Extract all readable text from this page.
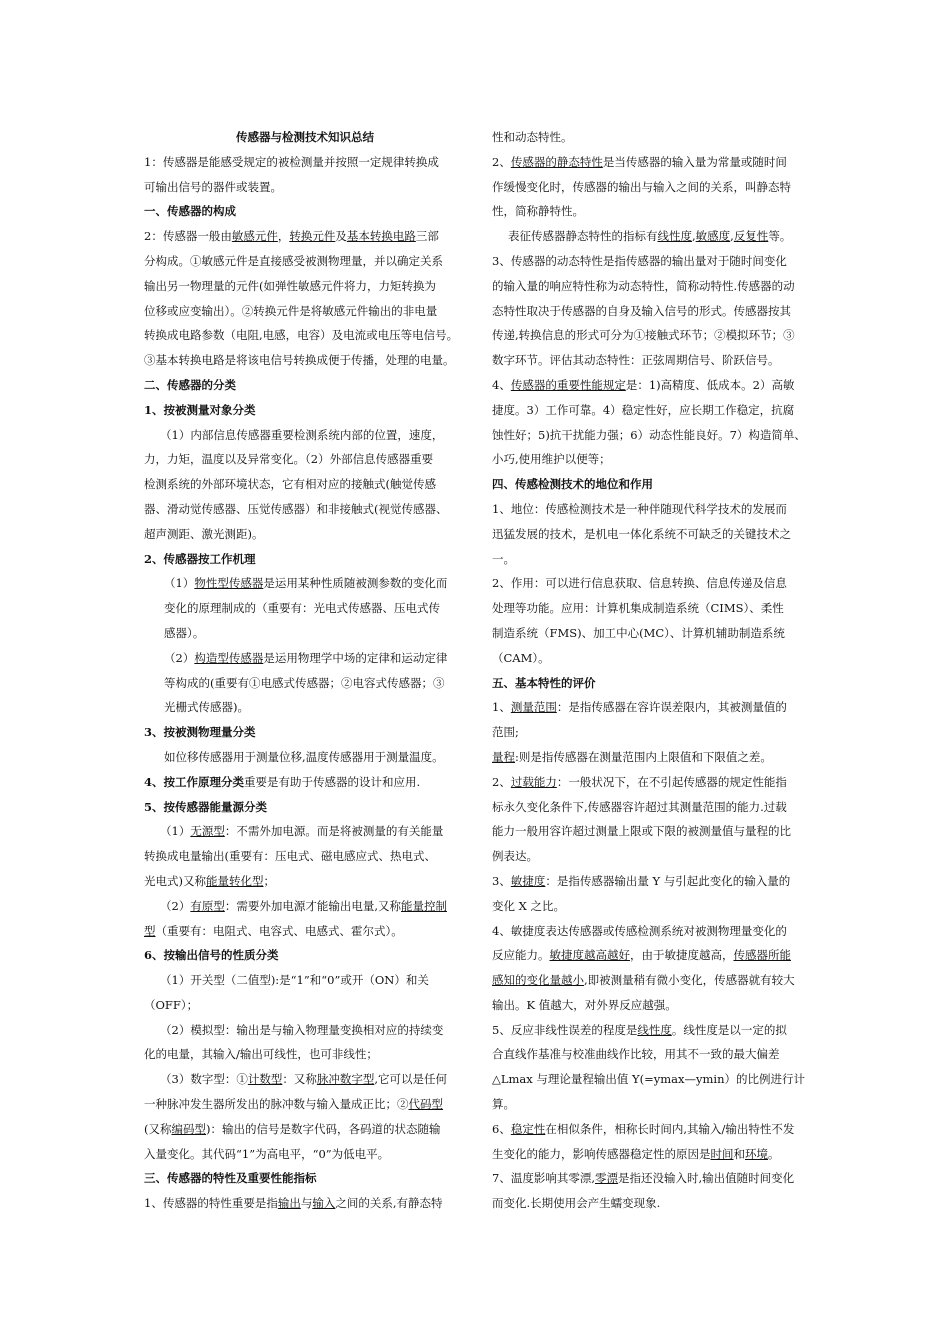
传感器与检测技术知识总结
1：传感器是能感受规定的被检测量并按照一定规律转换成
可输出信号的器件或装置。
一、传感器的构成
2：传感器一般由敏感元件，转换元件及基本转换电路三部
分构成。①敏感元件是直接感受被测物理量，并以确定关系
输出另一物理量的元件(如弹性敏感元件将力，力矩转换为
位移或应变输出）。②转换元件是将敏感元件输出的非电量
转换成电路参数（电阻,电感，电容）及电流或电压等电信号。
③基本转换电路是将该电信号转换成便于传播，处理的电量。
二、传感器的分类
1、按被测量对象分类
（1）内部信息传感器重要检测系统内部的位置，速度，
力，力矩，温度以及异常变化。（2）外部信息传感器重要
检测系统的外部环境状态，它有相对应的接触式(触觉传感
器、滑动觉传感器、压觉传感器）和非接触式(视觉传感器、
超声测距、激光测距)。
2、传感器按工作机理
（1）物性型传感器是运用某种性质随被测参数的变化而
变化的原理制成的（重要有：光电式传感器、压电式传
感器）。
（2）构造型传感器是运用物理学中场的定律和运动定律
等构成的(重要有①电感式传感器；②电容式传感器；③
光栅式传感器)。
3、按被测物理量分类
如位移传感器用于测量位移,温度传感器用于测量温度。
4、按工作原理分类重要是有助于传感器的设计和应用.
5、按传感器能量源分类
（1）无源型：不需外加电源。而是将被测量的有关能量
转换成电量输出(重要有：压电式、磁电感应式、热电式、
光电式)又称能量转化型；
（2）有原型：需要外加电源才能输出电量,又称能量控制
型（重要有：电阻式、电容式、电感式、霍尔式）。
6、按输出信号的性质分类
（1）开关型（二值型):是“1”和“0”或开（ON）和关
（OFF）；
（2）模拟型：输出是与输入物理量变换相对应的持续变
化的电量，其输入/输出可线性，也可非线性；
（3）数字型：①计数型：又称脉冲数字型,它可以是任何
一种脉冲发生器所发出的脉冲数与输入量成正比；②代码型
(又称编码型)：输出的信号是数字代码，各码道的状态随输
入量变化。其代码“1”为高电平，“0”为低电平。
三、传感器的特性及重要性能指标
1、传感器的特性重要是指输出与输入之间的关系,有静态特
性和动态特性。
2、传感器的静态特性是当传感器的输入量为常量或随时间
作缓慢变化时，传感器的输出与输入之间的关系，叫静态特
性，简称静特性。
表征传感器静态特性的指标有线性度,敏感度,反复性等。
3、传感器的动态特性是指传感器的输出量对于随时间变化
的输入量的响应特性称为动态特性，简称动特性.传感器的动
态特性取决于传感器的自身及输入信号的形式。传感器按其
传递,转换信息的形式可分为①接触式环节；②模拟环节；③
数字环节。评估其动态特性：正弦周期信号、阶跃信号。
4、传感器的重要性能规定是：1)高精度、低成本。2）高敏
捷度。3）工作可靠。4）稳定性好，应长期工作稳定，抗腐
蚀性好；5)抗干扰能力强；6）动态性能良好。7）构造简单、
小巧,使用维护以便等；
四、传感检测技术的地位和作用
1、地位：传感检测技术是一种伴随现代科学技术的发展而
迅猛发展的技术，是机电一体化系统不可缺乏的关键技术之
一。
2、作用：可以进行信息获取、信息转换、信息传递及信息
处理等功能。应用：计算机集成制造系统（CIMS）、柔性
制造系统（FMS)、加工中心(MC）、计算机辅助制造系统
（CAM）。
五、基本特性的评价
1、测量范围：是指传感器在容许误差限内，其被测量值的
范围;
量程:则是指传感器在测量范围内上限值和下限值之差。
2、过载能力：一般状况下，在不引起传感器的规定性能指
标永久变化条件下,传感器容许超过其测量范围的能力.过载
能力一般用容许超过测量上限或下限的被测量值与量程的比
例表达。
3、敏捷度：是指传感器输出量 Y 与引起此变化的输入量的
变化 X 之比。
4、敏捷度表达传感器或传感检测系统对被测物理量变化的
反应能力。敏捷度越高越好，由于敏捷度越高，传感器所能
感知的变化量越小,即被测量稍有微小变化，传感器就有较大
输出。K 值越大，对外界反应越强。
5、反应非线性误差的程度是线性度。线性度是以一定的拟
合直线作基准与校准曲线作比较，用其不一致的最大偏差
△Lmax 与理论量程输出值 Y(=ymax—ymin）的比例进行计
算。
6、稳定性在相似条件，相称长时间内,其输入/输出特性不发
生变化的能力，影响传感器稳定性的原因是时间和环境。
7、温度影响其零漂,零漂是指还没输入时,输出值随时间变化
而变化.长期使用会产生蠕变现象.
